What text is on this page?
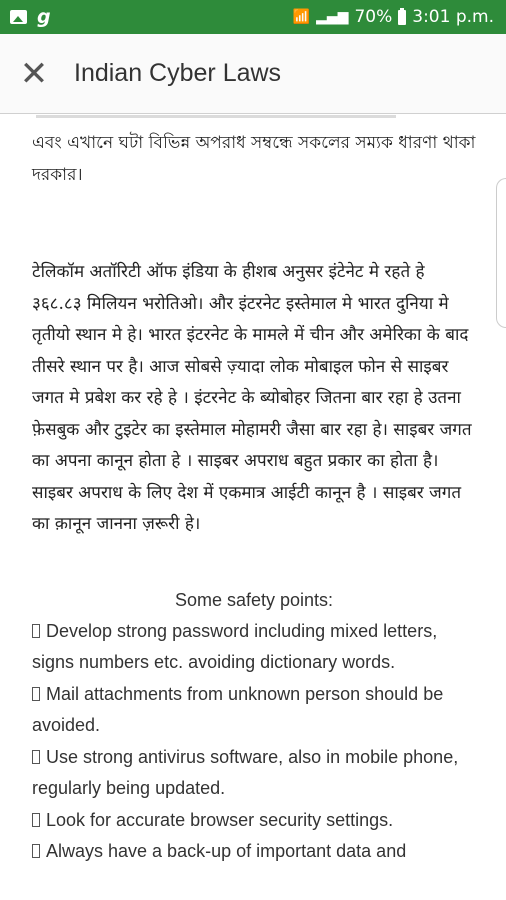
g	📶 ▂▄▆ 70% 3:01 p.m.
✕ Indian Cyber Laws

এবং এখানে ঘটা বিভিন্ন অপরাধ সম্বন্ধে সকলের সম্যক ধারণা থাকা দরকার।

टेलिकॉम अतॉरिटी ऑफ इंडिया के हीशब अनुसर इंटेनेट मे रहते हे ३६८.८३ मिलियन भरोतिओ। और इंटरनेट इस्तेमाल मे भारत दुनिया मे तृतीयो स्थान मे हे। भारत इंटरनेट के मामले में चीन और अमेरिका के बाद तीसरे स्थान पर है। आज सोबसे ज़्यादा लोक मोबाइल फोन से साइबर जगत मे प्रबेश कर रहे हे । इंटरनेट के ब्योबोहर जितना बार रहा हे उतना फ़ेसबुक और टुइटेर का इस्तेमाल मोहामरी जैसा बार रहा हे। साइबर जगत का अपना कानून होता हे । साइबर अपराध बहुत प्रकार का होता है। साइबर अपराध के लिए देश में एकमात्र आईटी कानून है । साइबर जगत का क़ानून जानना ज़रूरी हे।

Some safety points:
Develop strong password including mixed letters, signs numbers etc. avoiding dictionary words.
Mail attachments from unknown person should be avoided.
Use strong antivirus software, also in mobile phone, regularly being updated.
Look for accurate browser security settings.
Always have a back-up of important data and
